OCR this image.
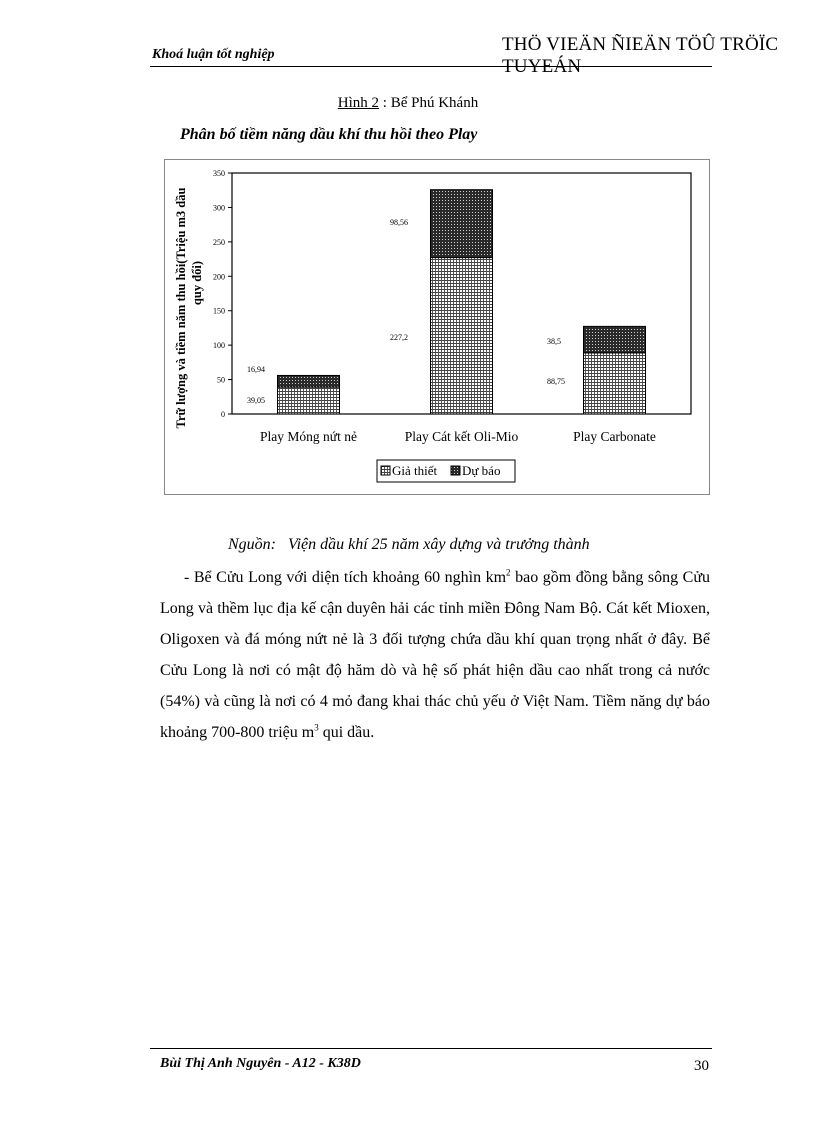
Khoá luận tốt nghiệp	THÖ VIEÄN ÑIEÄN TÖÛ TRÖÏC TUYEÁN
Hình 2 : Bể Phú Khánh
Phân bố tiềm năng dầu khí thu hồi theo Play
0
50
100
150
200
250
300
350
Trữ lượng và tiềm năm thu hồi(Triệu m3 dầu quy đổi)
Play Móng nứt nẻ	Play Cát kết Oli-Mio	Play Carbonate
39,05
227,2
88,75
16,94
98,56
38,5
Giả thiết Dự báo
Nguồn: Viện dầu khí 25 năm xây dựng và trưởng thành

- Bể Cửu Long với diện tích khoảng 60 nghìn $km^2$ bao gồm đồng bằng sông Cửu Long và thềm lục địa kế cận duyên hải các tỉnh miền Đông Nam Bộ. Cát kết Mioxen, Oligoxen và đá móng nứt nẻ là 3 đối tượng chứa dầu khí quan trọng nhất ở đây. Bể Cửu Long là nơi có mật độ hăm dò và hệ số phát hiện dầu cao nhất trong cả nước (54%) và cũng là nơi có 4 mỏ đang khai thác chủ yếu ở Việt Nam. Tiềm năng dự báo khoảng 700-800 triệu $m^3$ qui dầu.

Bùi Thị Anh Nguyên - A12 - K38D	30
